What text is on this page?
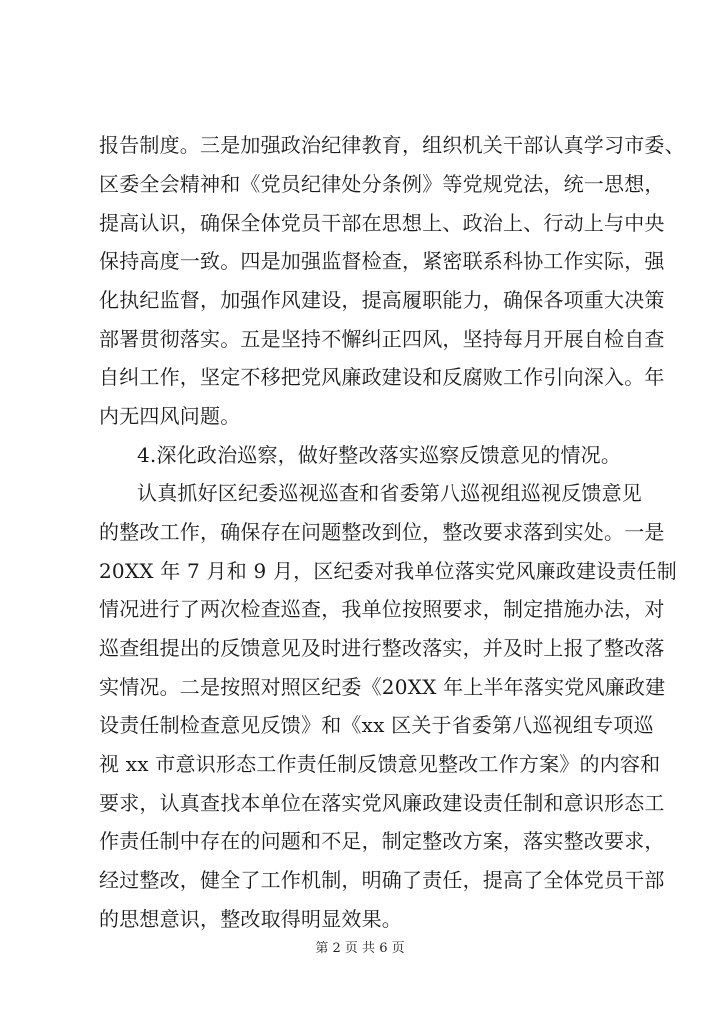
报告制度。三是加强政治纪律教育，组织机关干部认真学习市委、
区委全会精神和《党员纪律处分条例》等党规党法，统一思想，
提高认识，确保全体党员干部在思想上、政治上、行动上与中央
保持高度一致。四是加强监督检查，紧密联系科协工作实际，强
化执纪监督，加强作风建设，提高履职能力，确保各项重大决策
部署贯彻落实。五是坚持不懈纠正四风，坚持每月开展自检自查
自纠工作，坚定不移把党风廉政建设和反腐败工作引向深入。年
内无四风问题。
4.深化政治巡察，做好整改落实巡察反馈意见的情况。
认真抓好区纪委巡视巡查和省委第八巡视组巡视反馈意见
的整改工作，确保存在问题整改到位，整改要求落到实处。一是
20XX 年 7 月和 9 月，区纪委对我单位落实党风廉政建设责任制
情况进行了两次检查巡查，我单位按照要求，制定措施办法，对
巡查组提出的反馈意见及时进行整改落实，并及时上报了整改落
实情况。二是按照对照区纪委《20XX 年上半年落实党风廉政建
设责任制检查意见反馈》和《xx 区关于省委第八巡视组专项巡
视 xx 市意识形态工作责任制反馈意见整改工作方案》的内容和
要求，认真查找本单位在落实党风廉政建设责任制和意识形态工
作责任制中存在的问题和不足，制定整改方案，落实整改要求，
经过整改，健全了工作机制，明确了责任，提高了全体党员干部
的思想意识，整改取得明显效果。
第 2 页 共 6 页
